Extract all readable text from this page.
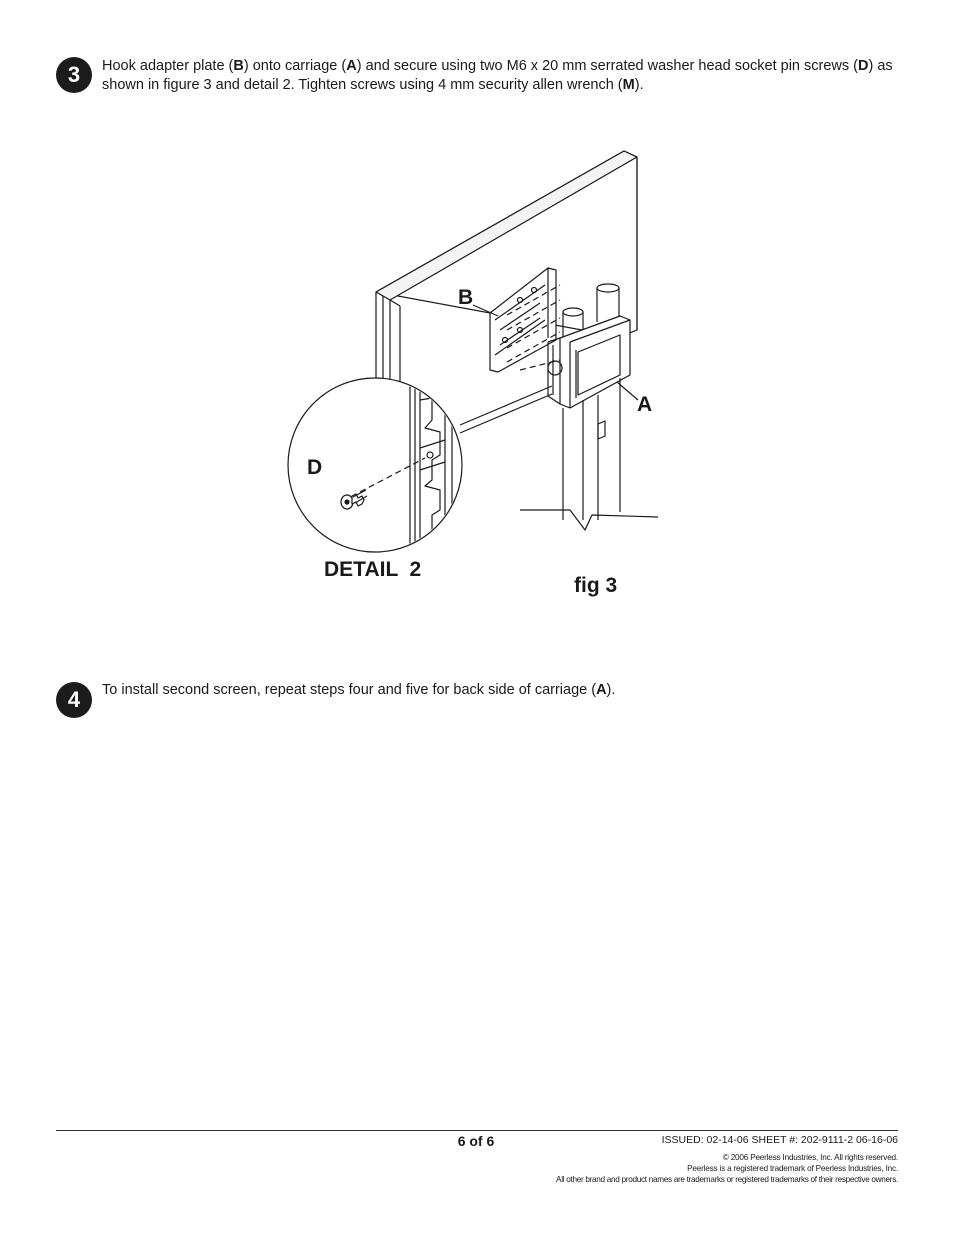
3 Hook adapter plate (B) onto carriage (A) and secure using two M6 x 20 mm serrated washer head socket pin screws (D) as shown in figure 3 and detail 2. Tighten screws using 4 mm security allen wrench (M).
B
A
D
DETAIL  2
fig 3
4 To install second screen, repeat steps four and five for back side of carriage (A).
6 of 6	ISSUED: 02-14-06 SHEET #: 202-9111-2 06-16-06
© 2006 Peerless Industries, Inc. All rights reserved.
Peerless is a registered trademark of Peerless Industries, Inc.
All other brand and product names are trademarks or registered trademarks of their respective owners.
